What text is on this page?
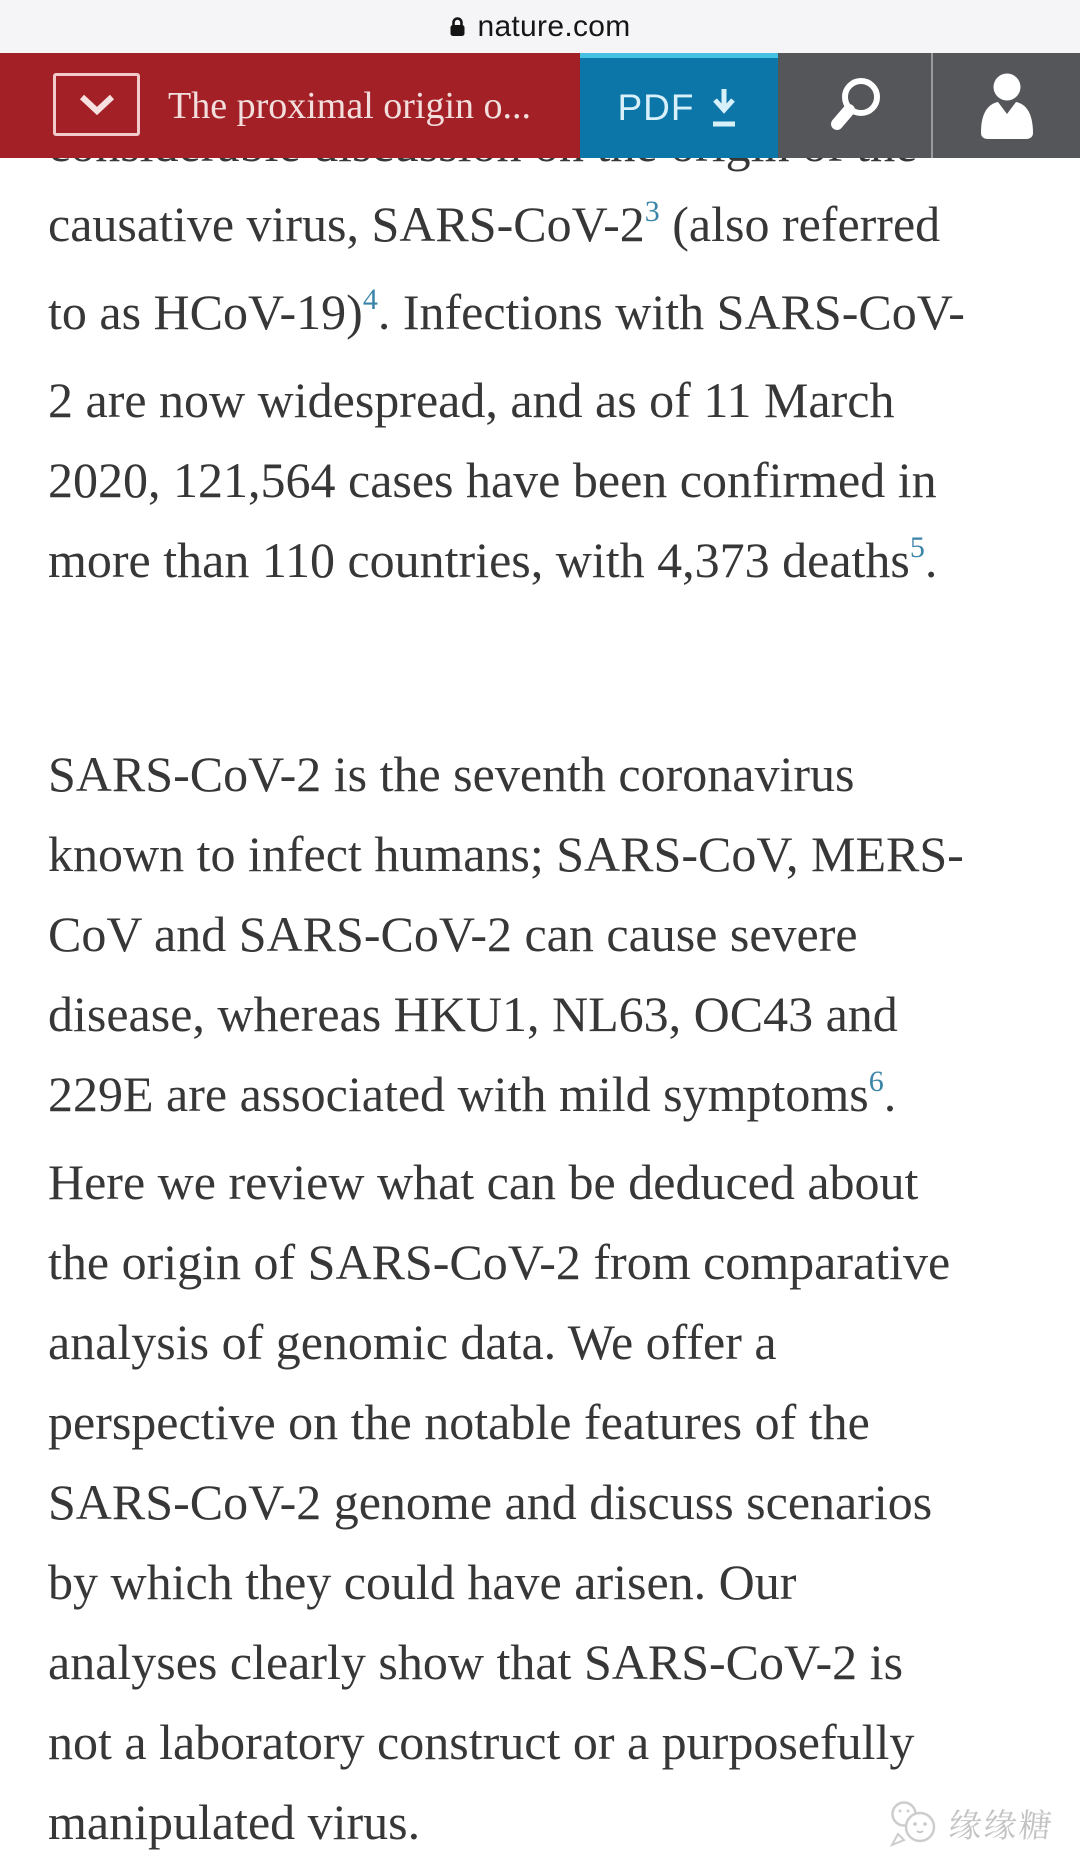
causative virus, SARS-CoV-2$^3$ (also referred
to as HCoV-19)$^4$. Infections with SARS-CoV-
2 are now widespread, and as of 11 March
2020, 121,564 cases have been confirmed in
more than 110 countries, with 4,373 deaths$^5$.
SARS-CoV-2 is the seventh coronavirus
known to infect humans; SARS-CoV, MERS-
CoV and SARS-CoV-2 can cause severe
disease, whereas HKU1, NL63, OC43 and
229E are associated with mild symptoms$^6$.
Here we review what can be deduced about
the origin of SARS-CoV-2 from comparative
analysis of genomic data. We offer a
perspective on the notable features of the
SARS-CoV-2 genome and discuss scenarios
by which they could have arisen. Our
analyses clearly show that SARS-CoV-2 is
not a laboratory construct or a purposefully
manipulated virus.
nature.com
The proximal origin o...	PDF
缘缘糖
